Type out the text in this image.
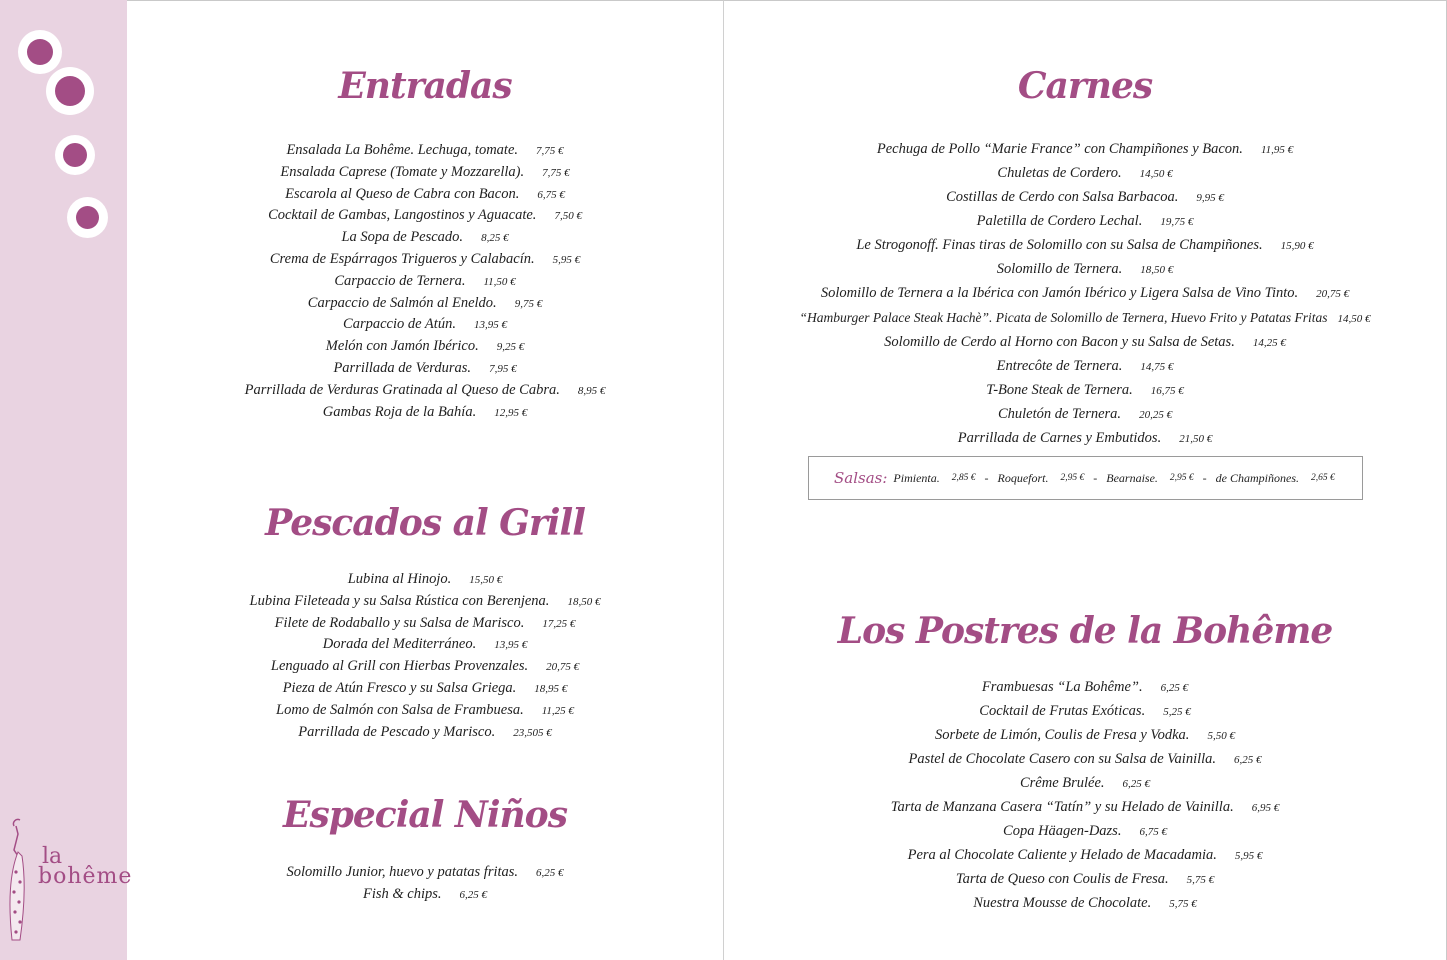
la
bohême
Entradas
Ensalada La Bohême. Lechuga, tomate. 7,75 €
Ensalada Caprese (Tomate y Mozzarella). 7,75 €
Escarola al Queso de Cabra con Bacon. 6,75 €
Cocktail de Gambas, Langostinos y Aguacate. 7,50 €
La Sopa de Pescado. 8,25 €
Crema de Espárragos Trigueros y Calabacín. 5,95 €
Carpaccio de Ternera. 11,50 €
Carpaccio de Salmón al Eneldo. 9,75 €
Carpaccio de Atún. 13,95 €
Melón con Jamón Ibérico. 9,25 €
Parrillada de Verduras. 7,95 €
Parrillada de Verduras Gratinada al Queso de Cabra. 8,95 €
Gambas Roja de la Bahía. 12,95 €
Pescados al Grill
Lubina al Hinojo. 15,50 €
Lubina Fileteada y su Salsa Rústica con Berenjena. 18,50 €
Filete de Rodaballo y su Salsa de Marisco. 17,25 €
Dorada del Mediterráneo. 13,95 €
Lenguado al Grill con Hierbas Provenzales. 20,75 €
Pieza de Atún Fresco y su Salsa Griega. 18,95 €
Lomo de Salmón con Salsa de Frambuesa. 11,25 €
Parrillada de Pescado y Marisco. 23,505 €
Especial Niños
Solomillo Junior, huevo y patatas fritas. 6,25 €
Fish & chips. 6,25 €
Carnes
Pechuga de Pollo “Marie France” con Champiñones y Bacon. 11,95 €
Chuletas de Cordero. 14,50 €
Costillas de Cerdo con Salsa Barbacoa. 9,95 €
Paletilla de Cordero Lechal. 19,75 €
Le Strogonoff. Finas tiras de Solomillo con su Salsa de Champiñones. 15,90 €
Solomillo de Ternera. 18,50 €
Solomillo de Ternera a la Ibérica con Jamón Ibérico y Ligera Salsa de Vino Tinto. 20,75 €
“Hamburger Palace Steak Hachè”. Picata de Solomillo de Ternera, Huevo Frito y Patatas Fritas 14,50 €
Solomillo de Cerdo al Horno con Bacon y su Salsa de Setas. 14,25 €
Entrecôte de Ternera. 14,75 €
T-Bone Steak de Ternera. 16,75 €
Chuletón de Ternera. 20,25 €
Parrillada de Carnes y Embutidos. 21,50 €
Salsas: Pimienta. 2,85 € - Roquefort. 2,95 € - Bearnaise. 2,95 € - de Champiñones. 2,65 €
Los Postres de la Bohême
Frambuesas “La Bohême”. 6,25 €
Cocktail de Frutas Exóticas. 5,25 €
Sorbete de Limón, Coulis de Fresa y Vodka. 5,50 €
Pastel de Chocolate Casero con su Salsa de Vainilla. 6,25 €
Crême Brulée. 6,25 €
Tarta de Manzana Casera “Tatín” y su Helado de Vainilla. 6,95 €
Copa Häagen-Dazs. 6,75 €
Pera al Chocolate Caliente y Helado de Macadamia. 5,95 €
Tarta de Queso con Coulis de Fresa. 5,75 €
Nuestra Mousse de Chocolate. 5,75 €
